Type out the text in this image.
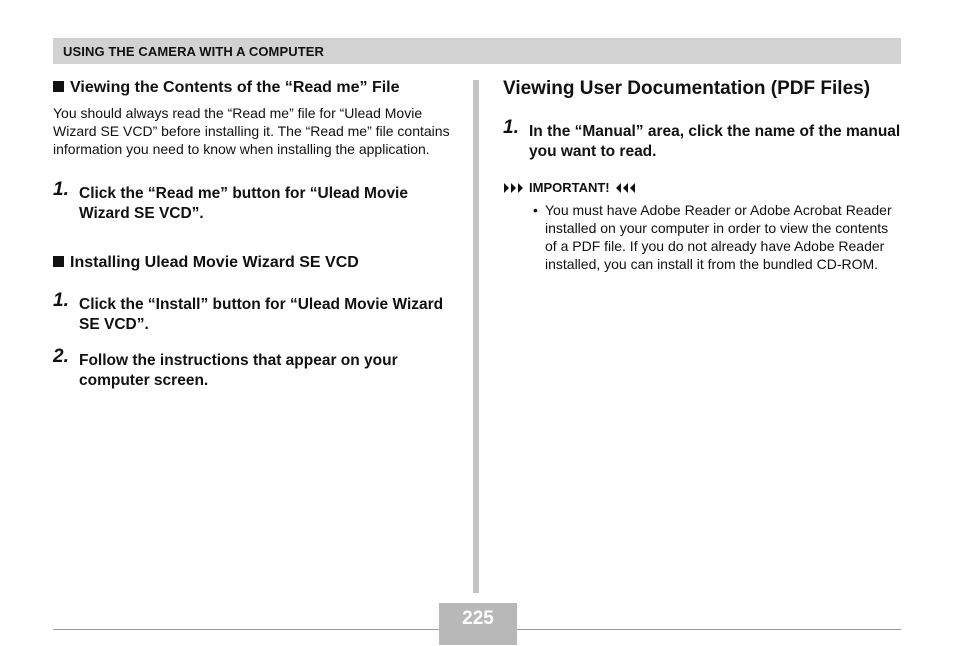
USING THE CAMERA WITH A COMPUTER

Viewing the Contents of the “Read me” File

You should always read the “Read me” file for “Ulead Movie Wizard SE VCD” before installing it. The “Read me” file contains information you need to know when installing the application.

1. Click the “Read me” button for “Ulead Movie Wizard SE VCD”.

Installing Ulead Movie Wizard SE VCD

1. Click the “Install” button for “Ulead Movie Wizard SE VCD”.
2. Follow the instructions that appear on your computer screen.

Viewing User Documentation (PDF Files)

1. In the “Manual” area, click the name of the manual you want to read.
IMPORTANT!
• You must have Adobe Reader or Adobe Acrobat Reader installed on your computer in order to view the contents of a PDF file. If you do not already have Adobe Reader installed, you can install it from the bundled CD-ROM.
225
